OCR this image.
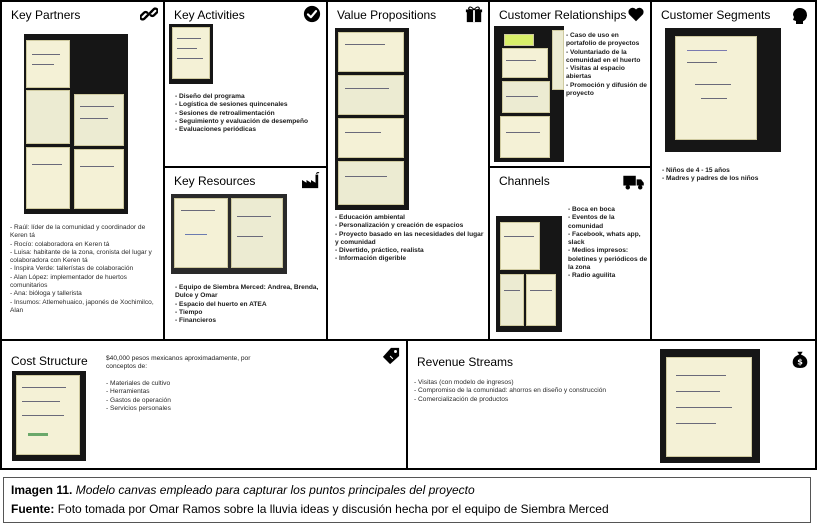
Key Partners
- Raúl: líder de la comunidad y coordinador de Keren tá
- Rocío: colaboradora en Keren tá
- Luisa: habitante de la zona, cronista del lugar y colaboradora con Keren tá
- Inspira Verde: tallerístas de colaboración
- Alan López: implementador de huertos comunitarios
- Ana: bióloga y tallerista
- Insumos: Atlemehuaico, japonés de Xochimilco, Alan
Key Activities
- Diseño del programa
- Logística de sesiones quincenales
- Sesiones de retroalimentación
- Seguimiento y evaluación de desempeño
- Evaluaciones periódicas
Key Resources
- Equipo de Siembra Merced: Andrea, Brenda, Dulce y Omar
- Espacio del huerto en ATEA
- Tiempo
- Financieros
Value Propositions
- Educación ambiental
- Personalización y creación de espacios
- Proyecto basado en las necesidades del lugar y comunidad
- Divertido, práctico, realista
- Información digerible
Customer Relationships
- Caso de uso en portafolio de proyectos
- Voluntariado de la comunidad en el huerto
- Visitas al espacio abiertas
- Promoción y difusión de proyecto
Channels
- Boca en boca
- Eventos de la comunidad
- Facebook, whats app, slack
- Medios impresos: boletines y periódicos de la zona
- Radio aguilita
Customer Segments
- Niños de 4 - 15 años
- Madres y padres de los niños
Cost Structure	$40,000 pesos mexicanos aproximadamente, por conceptos de:

- Materiales de cultivo
- Herramientas
- Gastos de operación
- Servicios personales
Revenue Streams	$
- Visitas (con modelo de ingresos)
- Compromiso de la comunidad: ahorros en diseño y construcción
- Comercialización de productos
Imagen 11. Modelo canvas empleado para capturar los puntos principales del proyecto
Fuente: Foto tomada por Omar Ramos sobre la lluvia ideas y discusión hecha por el equipo de Siembra Merced
